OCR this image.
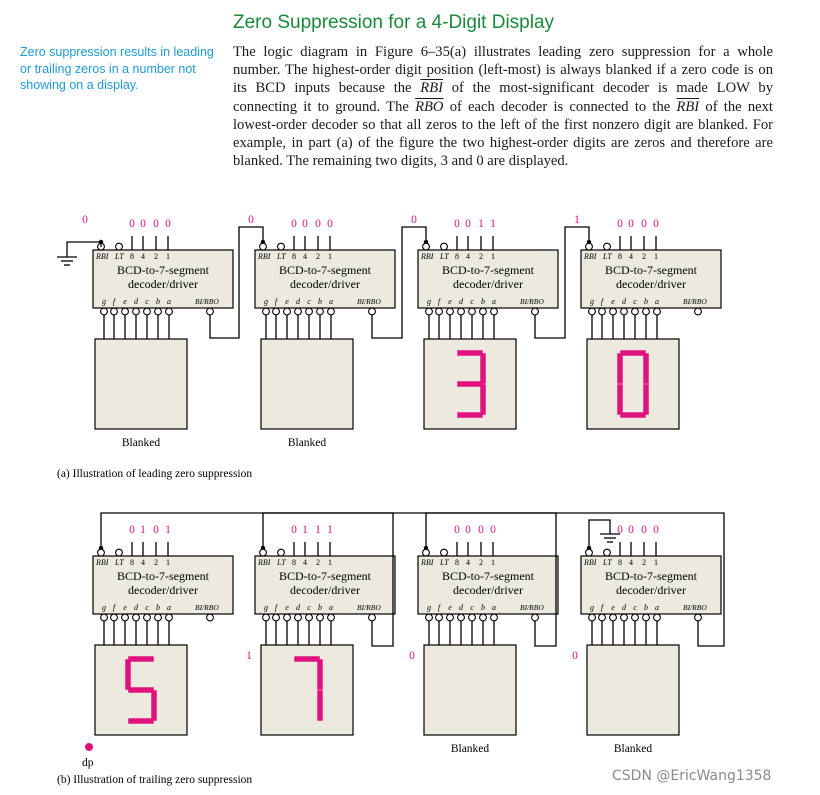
Zero Suppression for a 4-Digit Display
Zero suppression results in leading or trailing zeros in a number not showing on a display.
The logic diagram in Figure 6–35(a) illustrates leading zero suppression for a whole number. The highest-order digit position (left-most) is always blanked if a zero code is on its BCD inputs because the $\overline{RBI}$ of the most-significant decoder is made LOW by connecting it to ground. The $\overline{RBO}$ of each decoder is connected to the $\overline{RBI}$ of the next lowest-order decoder so that all zeros to the left of the first nonzero digit are blanked. For example, in part (a) of the figure the two highest-order digits are zeros and therefore are blanked. The remaining two digits, 3 and 0 are displayed.
0 0 0 0
RBI LT 8 4 2 1
BCD-to-7-segment
decoder/driver
g f e d c b a	BI/RBO
Blanked
0 0 0 0
RBI LT 8 4 2 1
BCD-to-7-segment
decoder/driver
g f e d c b a	BI/RBO
Blanked
0 0 1 1
RBI LT 8 4 2 1
BCD-to-7-segment
decoder/driver
g f e d c b a	BI/RBO
0 0 0 0
RBI LT 8 4 2 1
BCD-to-7-segment
decoder/driver
g f e d c b a	BI/RBO
0	0	0	1
(a) Illustration of leading zero suppression
0 1 0 1
RBI LT 8 4 2 1
BCD-to-7-segment
decoder/driver
g f e d c b a	BI/RBO
0 1 1 1
RBI LT 8 4 2 1
BCD-to-7-segment
decoder/driver
g f e d c b a	BI/RBO
0 0 0 0
RBI LT 8 4 2 1
BCD-to-7-segment
decoder/driver
g f e d c b a	BI/RBO
Blanked
0 0 0 0
RBI LT 8 4 2 1
BCD-to-7-segment
decoder/driver
g f e d c b a	BI/RBO
Blanked
1	0	0
dp
(b) Illustration of trailing zero suppression	CSDN @EricWang1358
